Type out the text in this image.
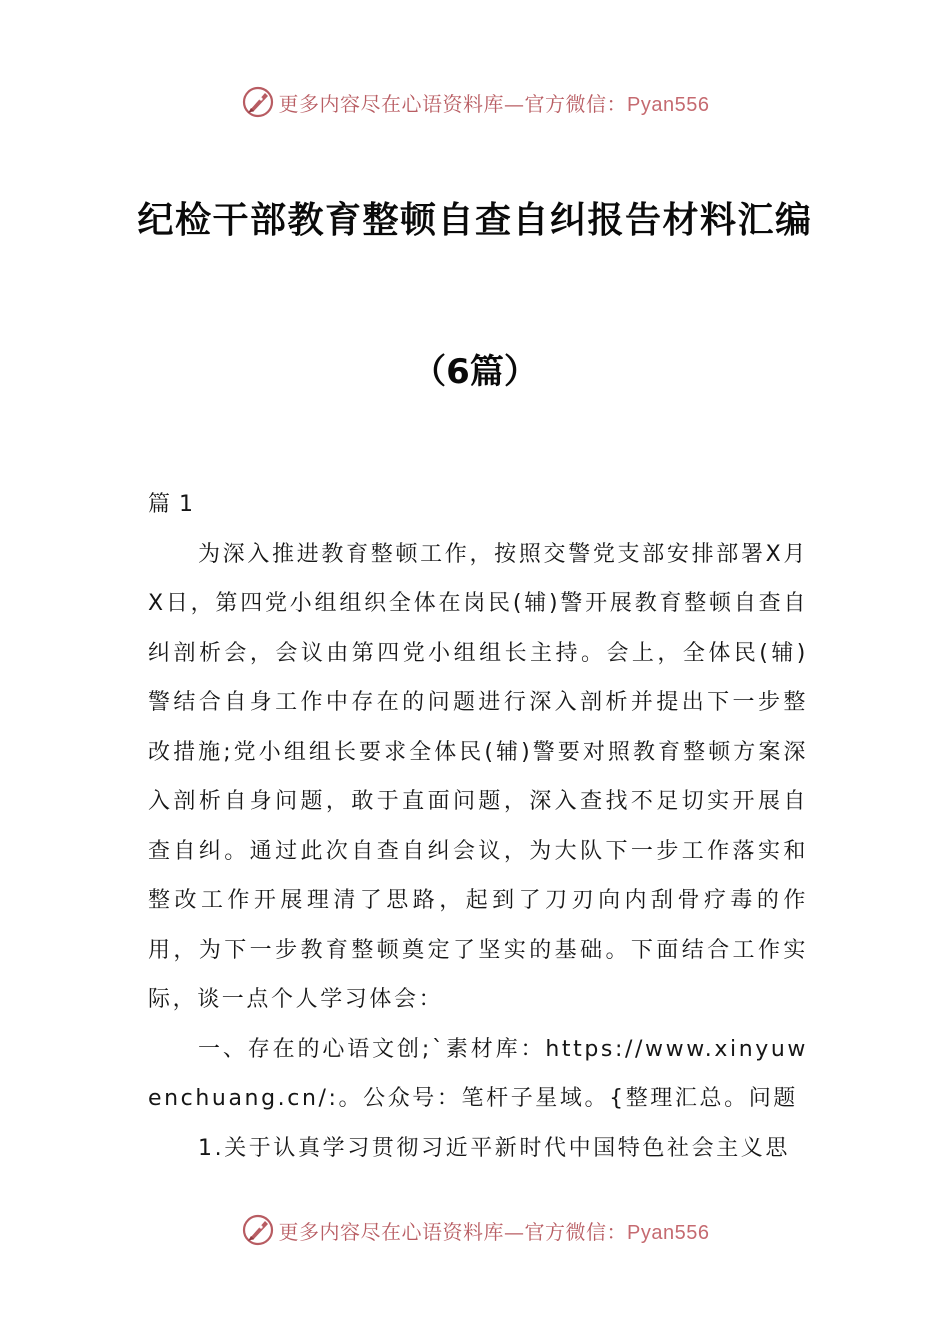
更多内容尽在心语资料库—官方微信：Pyan556
纪检干部教育整顿自查自纠报告材料汇编
（6篇）

篇 1

为深入推进教育整顿工作，按照交警党支部安排部署X月X日，第四党小组组织全体在岗民(辅)警开展教育整顿自查自纠剖析会，会议由第四党小组组长主持。会上，全体民(辅)警结合自身工作中存在的问题进行深入剖析并提出下一步整改措施;党小组组长要求全体民(辅)警要对照教育整顿方案深入剖析自身问题，敢于直面问题，深入查找不足切实开展自查自纠。通过此次自查自纠会议，为大队下一步工作落实和整改工作开展理清了思路，起到了刀刃向内刮骨疗毒的作用，为下一步教育整顿奠定了坚实的基础。下面结合工作实际，谈一点个人学习体会：

一、存在的心语文创;`素材库：https://www.xinyuwenchuang.cn/:。公众号：笔杆子星域。{整理汇总。问题

1.关于认真学习贯彻习近平新时代中国特色社会主义思

更多内容尽在心语资料库—官方微信：Pyan556
